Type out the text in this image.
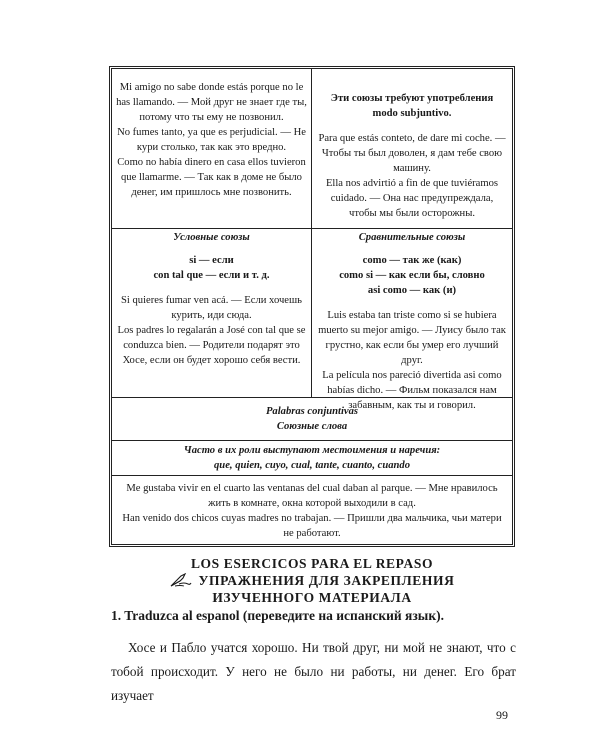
Mi amigo no sabe donde estás porque no le has llamando. — Мой друг не знает где ты, потому что ты ему не позвонил.

No fumes tanto, ya que es perjudicial. — Не кури столько, так как это вредно.

Como no había dinero en casa ellos tuvieron que llamarme. — Так как в доме не было денег, им пришлось мне позвонить.

Эти союзы требуют употребления modo subjuntivo.

Para que estás conteto, de dare mi coche. — Чтобы ты был доволен, я дам тебе свою машину.

Ella nos advirtió a fin de que tuviéramos cuidado. — Она нас предупреждала, чтобы мы были осторожны.

Условные союзы

si — если

con tal que — если и т. д.

Si quieres fumar ven acá. — Если хочешь курить, иди сюда.

Los padres lo regalarán a José con tal que se conduzca bien. — Родители подарят это Хосе, если он будет хорошо себя вести.

Сравнительные союзы

como — так же (как)

como si — как если бы, словно

asi como — как (и)

Luis estaba tan triste como si se hubiera muerto su mejor amigo. — Луису было так грустно, как если бы умер его лучший друг.

La película nos pareció divertida asi como habías dicho. — Фильм показался нам забавным, как ты и говорил.

Palabras conjuntivas

Союзные слова

Часто в их роли выступают местоимения и наречия:

que, quien, cuyo, cual, tante, cuanto, cuando

Me gustaba vivir en el cuarto las ventanas del cual daban al parque. — Мне нравилось жить в комнате, окна которой выходили в сад.

Han venido dos chicos cuyas madres no trabajan. — Пришли два мальчика, чьи матери не работают.

LOS ESERCICOS PARA EL REPASO
УПРАЖНЕНИЯ ДЛЯ ЗАКРЕПЛЕНИЯ
ИЗУЧЕННОГО МАТЕРИАЛА
1. Traduzca al espanol (переведите на испанский язык).
Хосе и Пабло учатся хорошо. Ни твой друг, ни мой не знают, что с тобой происходит. У него не было ни работы, ни денег. Его брат изучает
99
